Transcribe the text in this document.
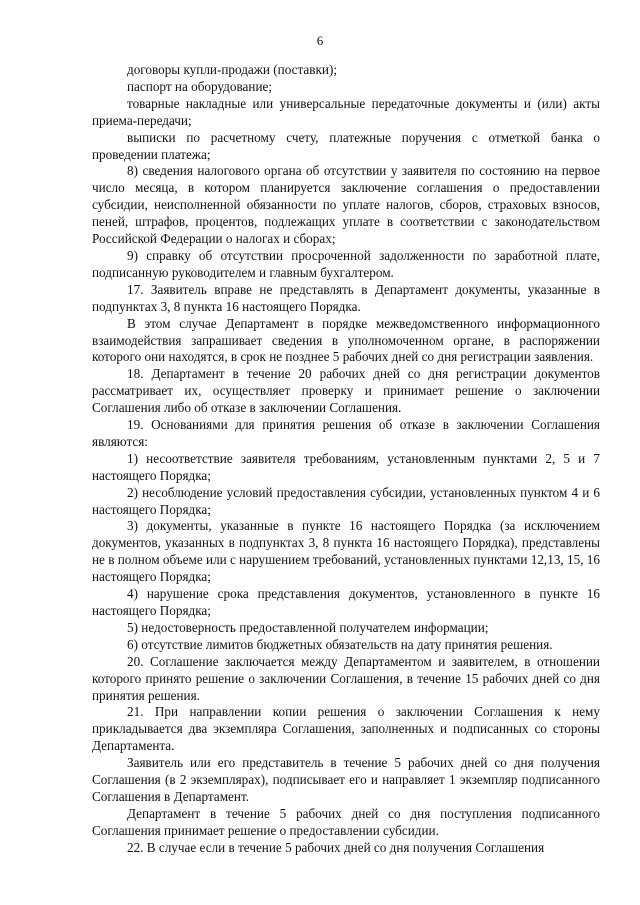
6

договоры купли-продажи (поставки);

паспорт на оборудование;

товарные накладные или универсальные передаточные документы и (или) акты приема-передачи;

выписки по расчетному счету, платежные поручения с отметкой банка о проведении платежа;

8) сведения налогового органа об отсутствии у заявителя по состоянию на первое число месяца, в котором планируется заключение соглашения о предоставлении субсидии, неисполненной обязанности по уплате налогов, сборов, страховых взносов, пеней, штрафов, процентов, подлежащих уплате в соответствии с законодательством Российской Федерации о налогах и сборах;

9) справку об отсутствии просроченной задолженности по заработной плате, подписанную руководителем и главным бухгалтером.

17. Заявитель вправе не представлять в Департамент документы, указанные в подпунктах 3, 8 пункта 16 настоящего Порядка.

В этом случае Департамент в порядке межведомственного информационного взаимодействия запрашивает сведения в уполномоченном органе, в распоряжении которого они находятся, в срок не позднее 5 рабочих дней со дня регистрации заявления.

18. Департамент в течение 20 рабочих дней со дня регистрации документов рассматривает их, осуществляет проверку и принимает решение о заключении Соглашения либо об отказе в заключении Соглашения.

19. Основаниями для принятия решения об отказе в заключении Соглашения являются:

1) несоответствие заявителя требованиям, установленным пунктами 2, 5 и 7 настоящего Порядка;

2) несоблюдение условий предоставления субсидии, установленных пунктом 4 и 6 настоящего Порядка;

3) документы, указанные в пункте 16 настоящего Порядка (за исключением документов, указанных в подпунктах 3, 8 пункта 16 настоящего Порядка), представлены не в полном объеме или с нарушением требований, установленных пунктами 12,13, 15, 16 настоящего Порядка;

4) нарушение срока представления документов, установленного в пункте 16 настоящего Порядка;

5) недостоверность предоставленной получателем информации;

6) отсутствие лимитов бюджетных обязательств на дату принятия решения.

20. Соглашение заключается между Департаментом и заявителем, в отношении которого принято решение о заключении Соглашения, в течение 15 рабочих дней со дня принятия решения.

21. При направлении копии решения о заключении Соглашения к нему прикладывается два экземпляра Соглашения, заполненных и подписанных со стороны Департамента.

Заявитель или его представитель в течение 5 рабочих дней со дня получения Соглашения (в 2 экземплярах), подписывает его и направляет 1 экземпляр подписанного Соглашения в Департамент.

Департамент в течение 5 рабочих дней со дня поступления подписанного Соглашения принимает решение о предоставлении субсидии.

22. В случае если в течение 5 рабочих дней со дня получения Соглашения
